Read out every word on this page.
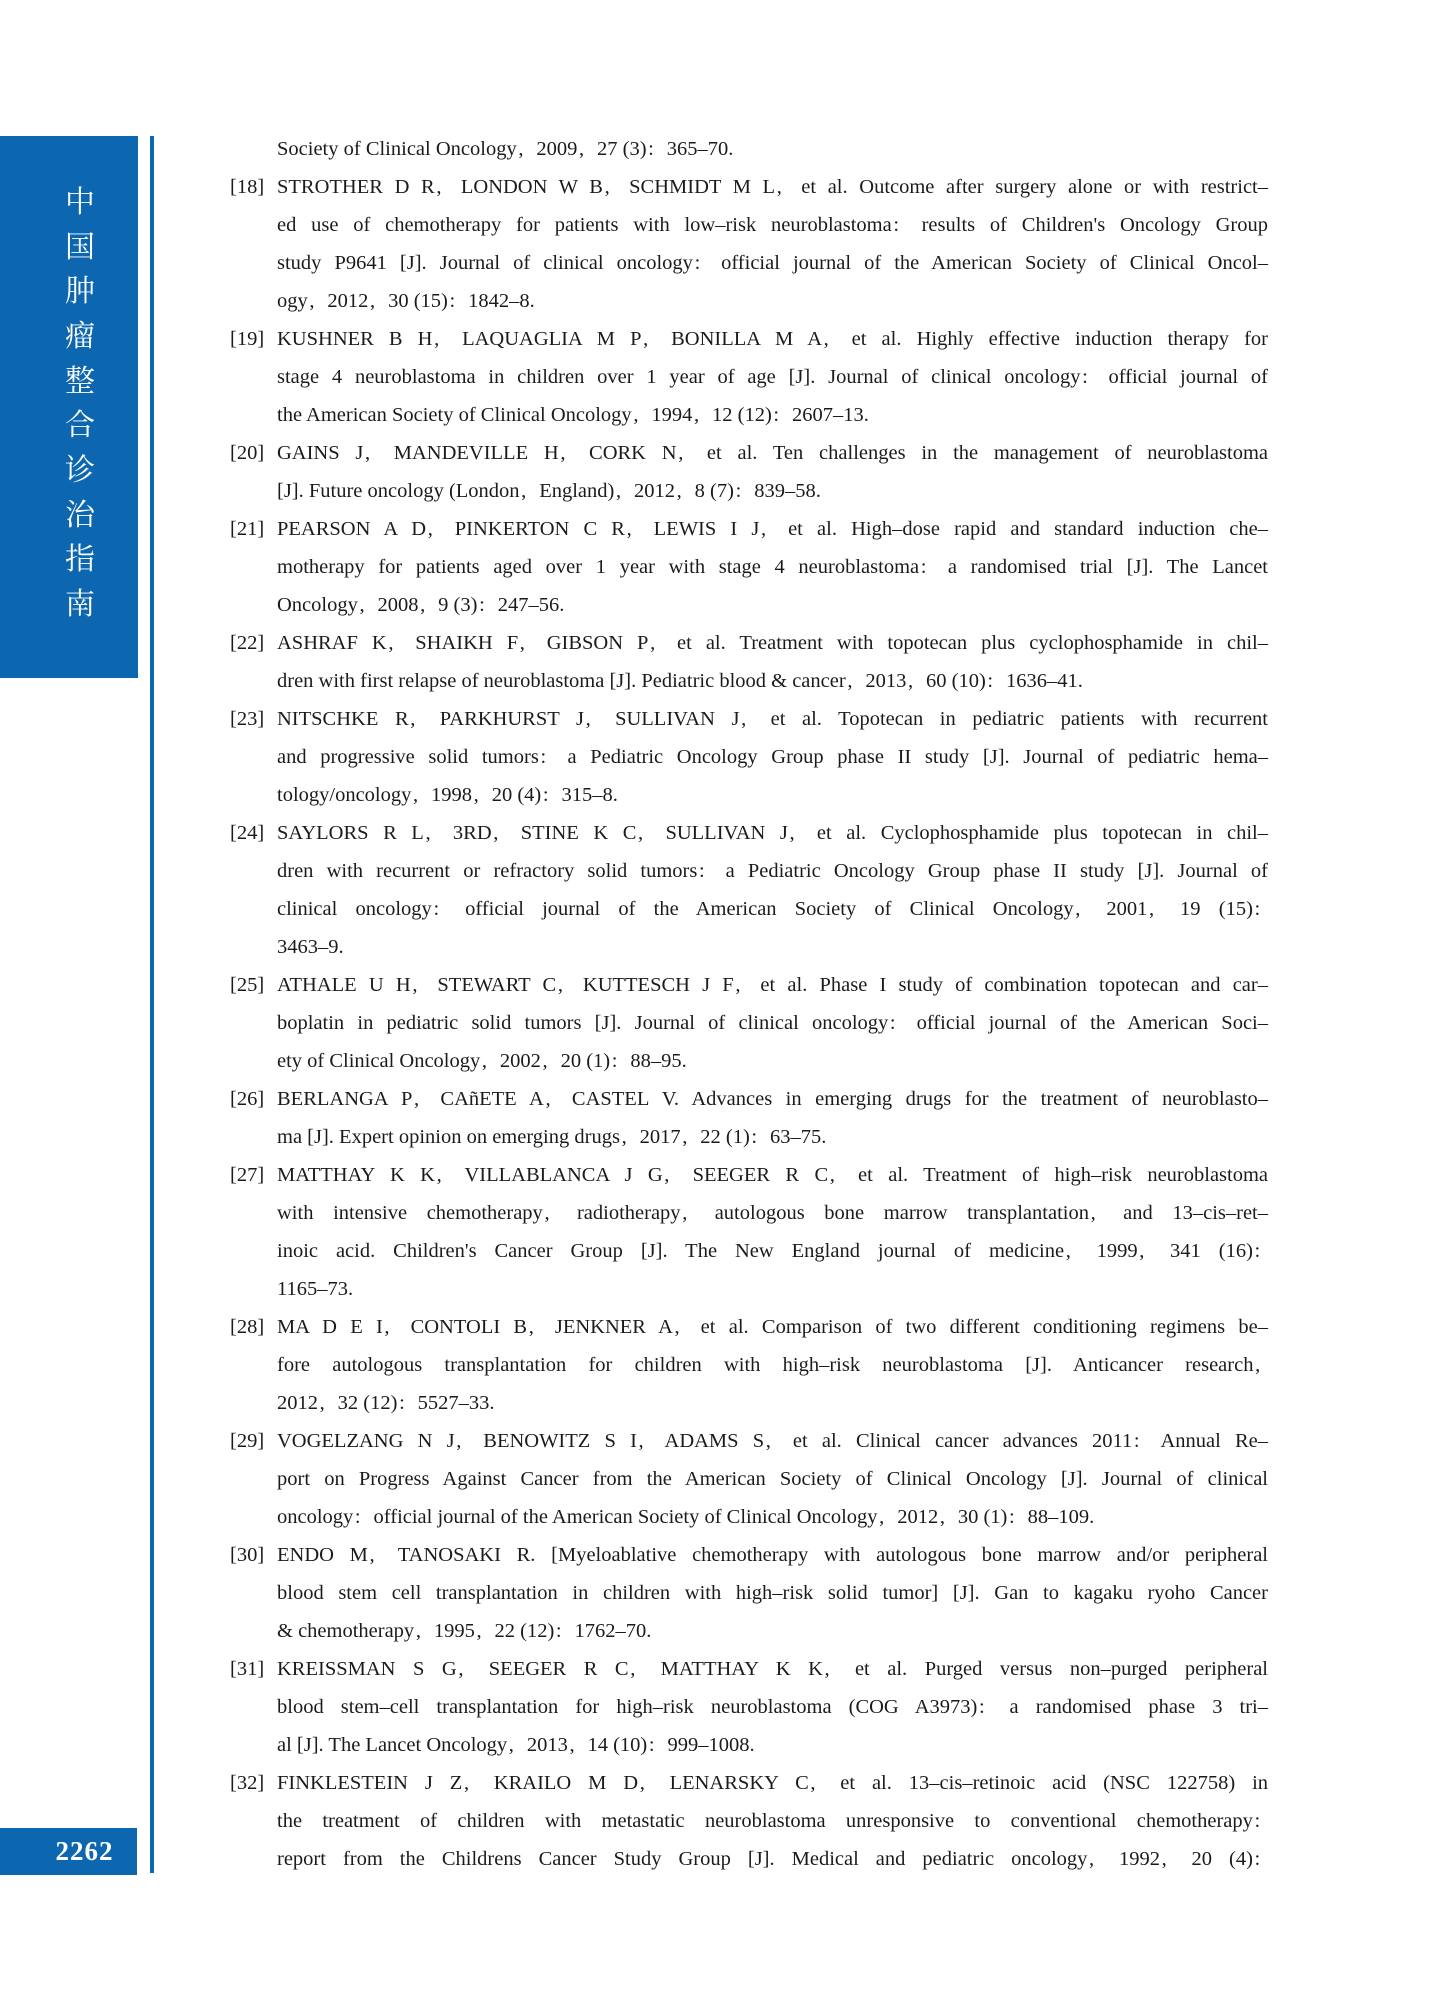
中
国
肿
瘤
整
合
诊
治
指
南
2262
Society of Clinical Oncology, 2009, 27 (3): 365–70.
[18] STROTHER D R, LONDON W B, SCHMIDT M L, et al. Outcome after surgery alone or with restrict–
ed use of chemotherapy for patients with low–risk neuroblastoma: results of Children's Oncology Group
study P9641 [J]. Journal of clinical oncology: official journal of the American Society of Clinical Oncol–
ogy, 2012, 30 (15): 1842–8.
[19] KUSHNER B H, LAQUAGLIA M P, BONILLA M A, et al. Highly effective induction therapy for
stage 4 neuroblastoma in children over 1 year of age [J]. Journal of clinical oncology: official journal of
the American Society of Clinical Oncology, 1994, 12 (12): 2607–13.
[20] GAINS J, MANDEVILLE H, CORK N, et al. Ten challenges in the management of neuroblastoma
[J]. Future oncology (London, England), 2012, 8 (7): 839–58.
[21] PEARSON A D, PINKERTON C R, LEWIS I J, et al. High–dose rapid and standard induction che–
motherapy for patients aged over 1 year with stage 4 neuroblastoma: a randomised trial [J]. The Lancet
Oncology, 2008, 9 (3): 247–56.
[22] ASHRAF K, SHAIKH F, GIBSON P, et al. Treatment with topotecan plus cyclophosphamide in chil–
dren with first relapse of neuroblastoma [J]. Pediatric blood & cancer, 2013, 60 (10): 1636–41.
[23] NITSCHKE R, PARKHURST J, SULLIVAN J, et al. Topotecan in pediatric patients with recurrent
and progressive solid tumors: a Pediatric Oncology Group phase II study [J]. Journal of pediatric hema–
tology/oncology, 1998, 20 (4): 315–8.
[24] SAYLORS R L, 3RD, STINE K C, SULLIVAN J, et al. Cyclophosphamide plus topotecan in chil–
dren with recurrent or refractory solid tumors: a Pediatric Oncology Group phase II study [J]. Journal of
clinical oncology: official journal of the American Society of Clinical Oncology, 2001, 19 (15):
3463–9.
[25] ATHALE U H, STEWART C, KUTTESCH J F, et al. Phase I study of combination topotecan and car–
boplatin in pediatric solid tumors [J]. Journal of clinical oncology: official journal of the American Soci–
ety of Clinical Oncology, 2002, 20 (1): 88–95.
[26] BERLANGA P, CAñETE A, CASTEL V. Advances in emerging drugs for the treatment of neuroblasto–
ma [J]. Expert opinion on emerging drugs, 2017, 22 (1): 63–75.
[27] MATTHAY K K, VILLABLANCA J G, SEEGER R C, et al. Treatment of high–risk neuroblastoma
with intensive chemotherapy, radiotherapy, autologous bone marrow transplantation, and 13–cis–ret–
inoic acid. Children's Cancer Group [J]. The New England journal of medicine, 1999, 341 (16):
1165–73.
[28] MA D E I, CONTOLI B, JENKNER A, et al. Comparison of two different conditioning regimens be–
fore autologous transplantation for children with high–risk neuroblastoma [J]. Anticancer research,
2012, 32 (12): 5527–33.
[29] VOGELZANG N J, BENOWITZ S I, ADAMS S, et al. Clinical cancer advances 2011: Annual Re–
port on Progress Against Cancer from the American Society of Clinical Oncology [J]. Journal of clinical
oncology: official journal of the American Society of Clinical Oncology, 2012, 30 (1): 88–109.
[30] ENDO M, TANOSAKI R. [Myeloablative chemotherapy with autologous bone marrow and/or peripheral
blood stem cell transplantation in children with high–risk solid tumor] [J]. Gan to kagaku ryoho Cancer
& chemotherapy, 1995, 22 (12): 1762–70.
[31] KREISSMAN S G, SEEGER R C, MATTHAY K K, et al. Purged versus non–purged peripheral
blood stem–cell transplantation for high–risk neuroblastoma (COG A3973): a randomised phase 3 tri–
al [J]. The Lancet Oncology, 2013, 14 (10): 999–1008.
[32] FINKLESTEIN J Z, KRAILO M D, LENARSKY C, et al. 13–cis–retinoic acid (NSC 122758) in
the treatment of children with metastatic neuroblastoma unresponsive to conventional chemotherapy:
report from the Childrens Cancer Study Group [J]. Medical and pediatric oncology, 1992, 20 (4):
